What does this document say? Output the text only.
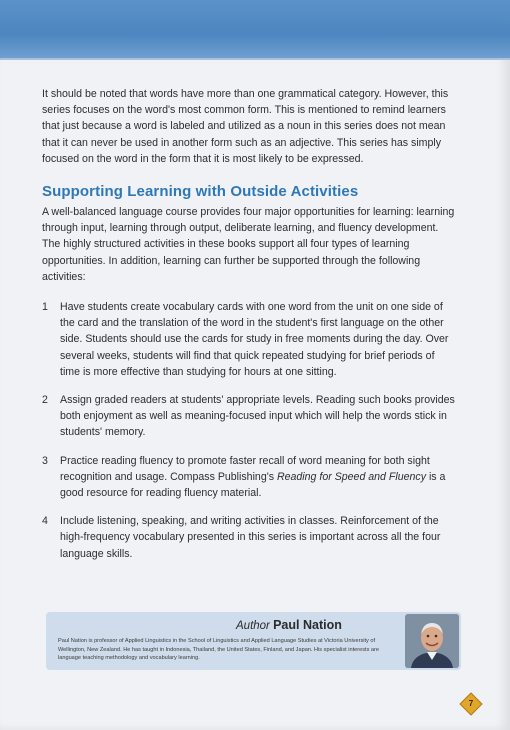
It should be noted that words have more than one grammatical category. However, this series focuses on the word's most common form. This is mentioned to remind learners that just because a word is labeled and utilized as a noun in this series does not mean that it can never be used in another form such as an adjective. This series has simply focused on the word in the form that it is most likely to be expressed.

Supporting Learning with Outside Activities

A well-balanced language course provides four major opportunities for learning: learning through input, learning through output, deliberate learning, and fluency development. The highly structured activities in these books support all four types of learning opportunities. In addition, learning can further be supported through the following activities:

1	Have students create vocabulary cards with one word from the unit on one side of the card and the translation of the word in the student's first language on the other side. Students should use the cards for study in free moments during the day. Over several weeks, students will find that quick repeated studying for brief periods of time is more effective than studying for hours at one sitting.
2	Assign graded readers at students' appropriate levels. Reading such books provides both enjoyment as well as meaning-focused input which will help the words stick in students' memory.
3	Practice reading fluency to promote faster recall of word meaning for both sight recognition and usage. Compass Publishing's Reading for Speed and Fluency is a good resource for reading fluency material.
4	Include listening, speaking, and writing activities in classes. Reinforcement of the high-frequency vocabulary presented in this series is important across all the four language skills.
Author Paul Nation

Paul Nation is professor of Applied Linguistics in the School of Linguistics and Applied Language Studies at Victoria University of Wellington, New Zealand. He has taught in Indonesia, Thailand, the United States, Finland, and Japan. His specialist interests are language teaching methodology and vocabulary learning.

7
